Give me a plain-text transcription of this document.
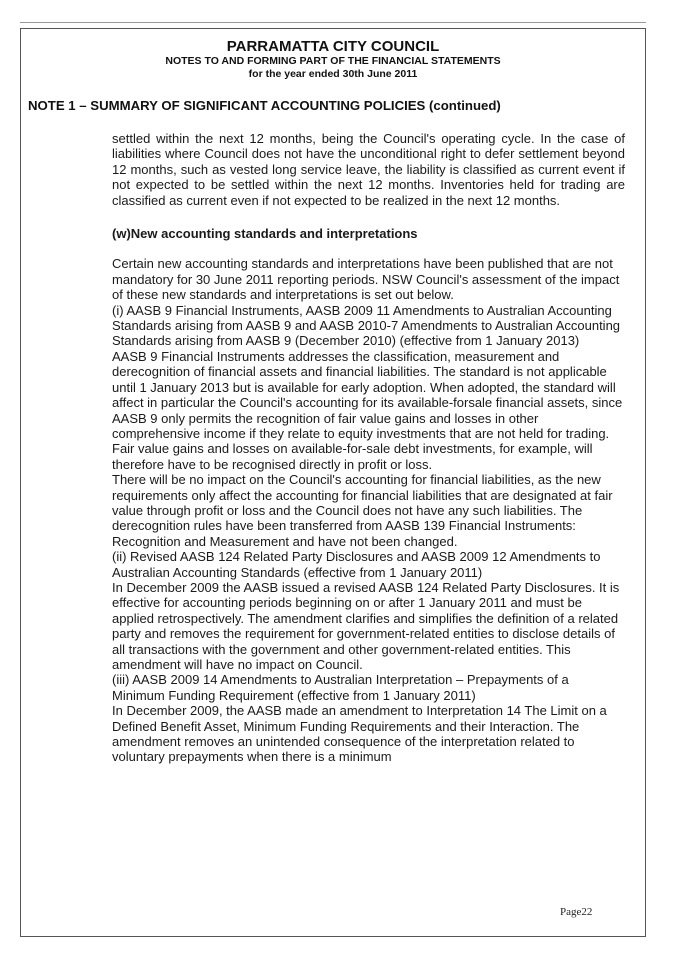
PARRAMATTA CITY COUNCIL
NOTES TO AND FORMING PART OF THE FINANCIAL STATEMENTS
for the year ended 30th June 2011
NOTE 1 – SUMMARY OF SIGNIFICANT ACCOUNTING POLICIES (continued)

settled within the next 12 months, being the Council's operating cycle. In the case of liabilities where Council does not have the unconditional right to defer settlement beyond 12 months, such as vested long service leave, the liability is classified as current event if not expected to be settled within the next 12 months. Inventories held for trading are classified as current even if not expected to be realized in the next 12 months.

(w)New accounting standards and interpretations

Certain new accounting standards and interpretations have been published that are not mandatory for 30 June 2011 reporting periods. NSW Council's assessment of the impact of these new standards and interpretations is set out below.

(i) AASB 9 Financial Instruments, AASB 2009 11 Amendments to Australian Accounting Standards arising from AASB 9 and AASB 2010-7 Amendments to Australian Accounting Standards arising from AASB 9 (December 2010) (effective from 1 January 2013)

AASB 9 Financial Instruments addresses the classification, measurement and derecognition of financial assets and financial liabilities. The standard is not applicable until 1 January 2013 but is available for early adoption. When adopted, the standard will affect in particular the Council's accounting for its available-forsale financial assets, since AASB 9 only permits the recognition of fair value gains and losses in other comprehensive income if they relate to equity investments that are not held for trading. Fair value gains and losses on available-for-sale debt investments, for example, will therefore have to be recognised directly in profit or loss.

There will be no impact on the Council's accounting for financial liabilities, as the new requirements only affect the accounting for financial liabilities that are designated at fair value through profit or loss and the Council does not have any such liabilities. The derecognition rules have been transferred from AASB 139 Financial Instruments: Recognition and Measurement and have not been changed.

(ii) Revised AASB 124 Related Party Disclosures and AASB 2009 12 Amendments to Australian Accounting Standards (effective from 1 January 2011)

In December 2009 the AASB issued a revised AASB 124 Related Party Disclosures. It is effective for accounting periods beginning on or after 1 January 2011 and must be applied retrospectively. The amendment clarifies and simplifies the definition of a related party and removes the requirement for government-related entities to disclose details of all transactions with the government and other government-related entities. This amendment will have no impact on Council.

(iii) AASB 2009 14 Amendments to Australian Interpretation – Prepayments of a Minimum Funding Requirement (effective from 1 January 2011)

In December 2009, the AASB made an amendment to Interpretation 14 The Limit on a Defined Benefit Asset, Minimum Funding Requirements and their Interaction. The amendment removes an unintended consequence of the interpretation related to voluntary prepayments when there is a minimum

Page22
